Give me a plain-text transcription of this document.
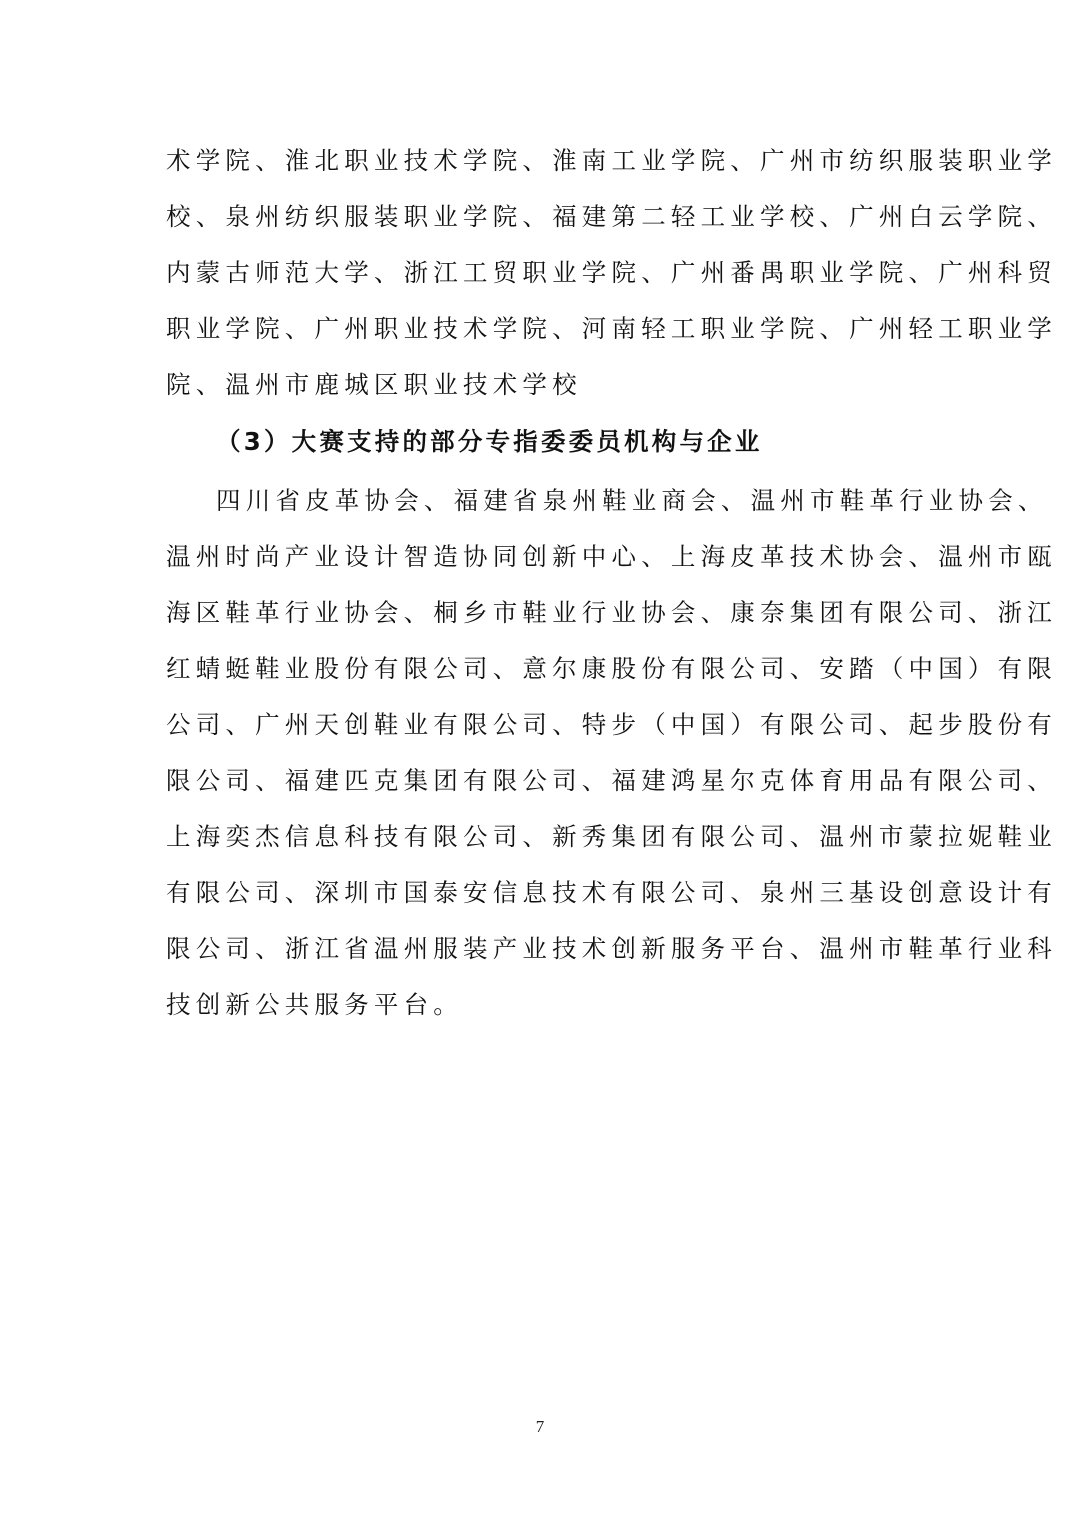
术学院、淮北职业技术学院、淮南工业学院、广州市纺织服装职业学
校、泉州纺织服装职业学院、福建第二轻工业学校、广州白云学院、
内蒙古师范大学、浙江工贸职业学院、广州番禺职业学院、广州科贸
职业学院、广州职业技术学院、河南轻工职业学院、广州轻工职业学
院、温州市鹿城区职业技术学校
（3）大赛支持的部分专指委委员机构与企业
四川省皮革协会、福建省泉州鞋业商会、温州市鞋革行业协会、
温州时尚产业设计智造协同创新中心、上海皮革技术协会、温州市瓯
海区鞋革行业协会、桐乡市鞋业行业协会、康奈集团有限公司、浙江
红蜻蜓鞋业股份有限公司、意尔康股份有限公司、安踏（中国）有限
公司、广州天创鞋业有限公司、特步（中国）有限公司、起步股份有
限公司、福建匹克集团有限公司、福建鸿星尔克体育用品有限公司、
上海奕杰信息科技有限公司、新秀集团有限公司、温州市蒙拉妮鞋业
有限公司、深圳市国泰安信息技术有限公司、泉州三基设创意设计有
限公司、浙江省温州服装产业技术创新服务平台、温州市鞋革行业科
技创新公共服务平台。
7
